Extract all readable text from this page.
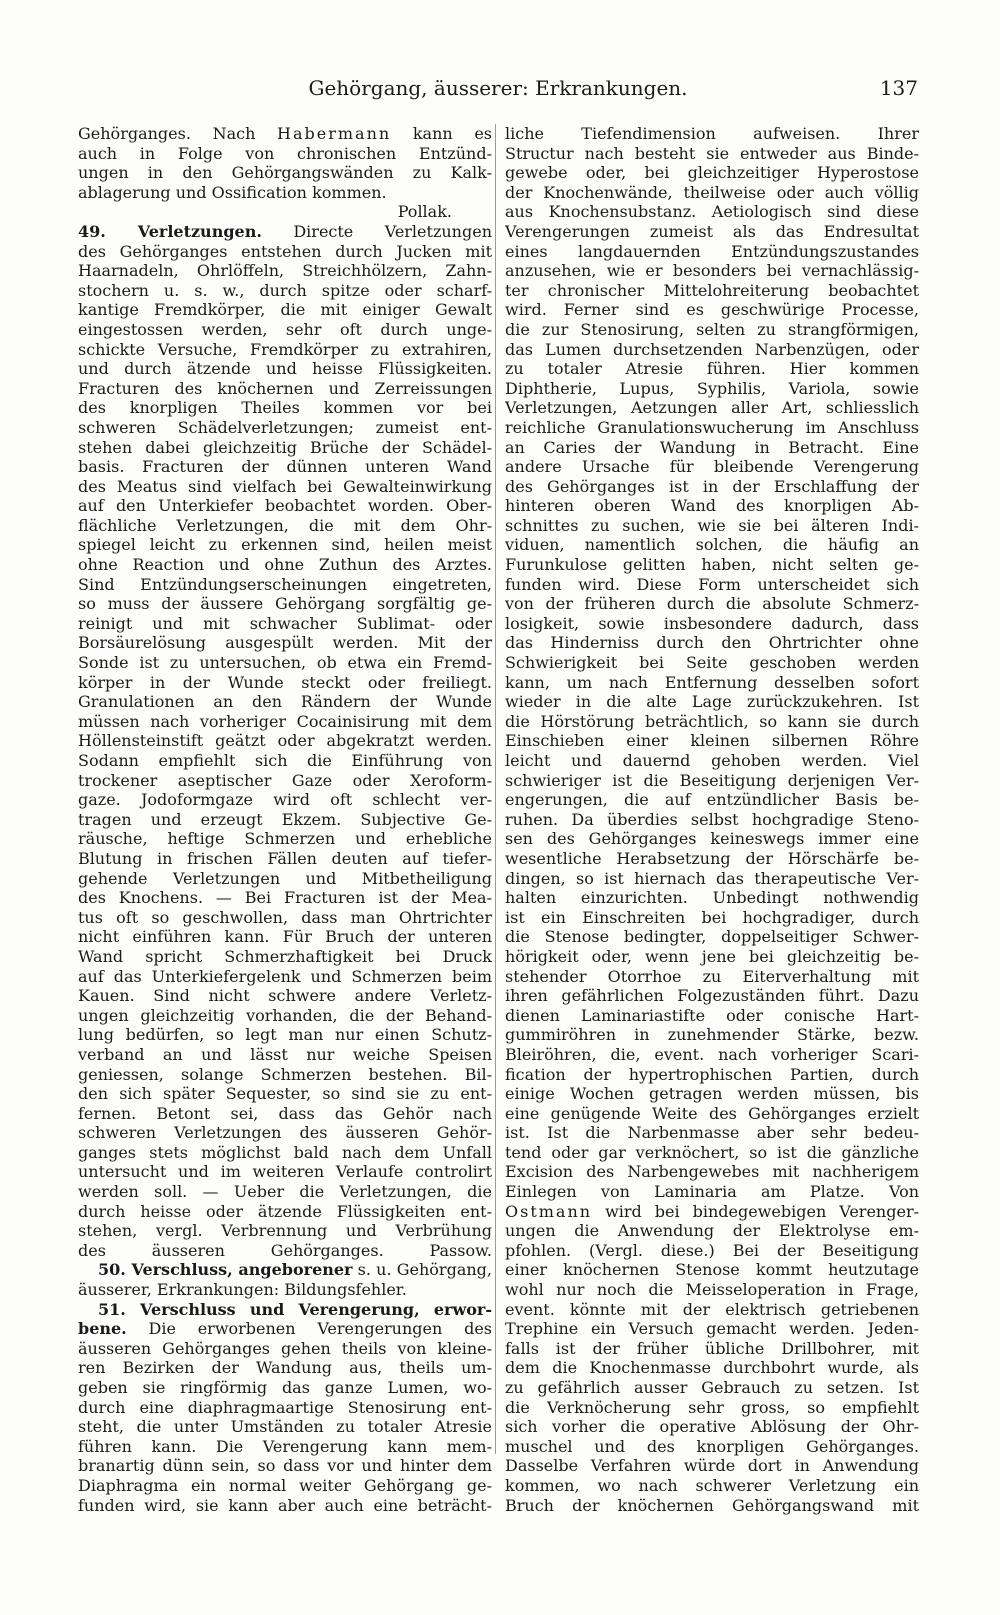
Gehörgang, äusserer: Erkrankungen.	137
Gehörganges. Nach Habermann kann es
auch in Folge von chronischen Entzünd-
ungen in den Gehörgangswänden zu Kalk-
ablagerung und Ossification kommen.
Pollak.
49. Verletzungen. Directe Verletzungen
des Gehörganges entstehen durch Jucken mit
Haarnadeln, Ohrlöffeln, Streichhölzern, Zahn-
stochern u. s. w., durch spitze oder scharf-
kantige Fremdkörper, die mit einiger Gewalt
eingestossen werden, sehr oft durch unge-
schickte Versuche, Fremdkörper zu extrahiren,
und durch ätzende und heisse Flüssigkeiten.
Fracturen des knöchernen und Zerreissungen
des knorpligen Theiles kommen vor bei
schweren Schädelverletzungen; zumeist ent-
stehen dabei gleichzeitig Brüche der Schädel-
basis. Fracturen der dünnen unteren Wand
des Meatus sind vielfach bei Gewalteinwirkung
auf den Unterkiefer beobachtet worden. Ober-
flächliche Verletzungen, die mit dem Ohr-
spiegel leicht zu erkennen sind, heilen meist
ohne Reaction und ohne Zuthun des Arztes.
Sind Entzündungserscheinungen eingetreten,
so muss der äussere Gehörgang sorgfältig ge-
reinigt und mit schwacher Sublimat- oder
Borsäurelösung ausgespült werden. Mit der
Sonde ist zu untersuchen, ob etwa ein Fremd-
körper in der Wunde steckt oder freiliegt.
Granulationen an den Rändern der Wunde
müssen nach vorheriger Cocainisirung mit dem
Höllensteinstift geätzt oder abgekratzt werden.
Sodann empfiehlt sich die Einführung von
trockener aseptischer Gaze oder Xeroform-
gaze. Jodoformgaze wird oft schlecht ver-
tragen und erzeugt Ekzem. Subjective Ge-
räusche, heftige Schmerzen und erhebliche
Blutung in frischen Fällen deuten auf tiefer-
gehende Verletzungen und Mitbetheiligung
des Knochens. — Bei Fracturen ist der Mea-
tus oft so geschwollen, dass man Ohrtrichter
nicht einführen kann. Für Bruch der unteren
Wand spricht Schmerzhaftigkeit bei Druck
auf das Unterkiefergelenk und Schmerzen beim
Kauen. Sind nicht schwere andere Verletz-
ungen gleichzeitig vorhanden, die der Behand-
lung bedürfen, so legt man nur einen Schutz-
verband an und lässt nur weiche Speisen
geniessen, solange Schmerzen bestehen. Bil-
den sich später Sequester, so sind sie zu ent-
fernen. Betont sei, dass das Gehör nach
schweren Verletzungen des äusseren Gehör-
ganges stets möglichst bald nach dem Unfall
untersucht und im weiteren Verlaufe controlirt
werden soll. — Ueber die Verletzungen, die
durch heisse oder ätzende Flüssigkeiten ent-
stehen, vergl. Verbrennung und Verbrühung
des äusseren Gehörganges. Passow.
50. Verschluss, angeborener s. u. Gehörgang,
äusserer, Erkrankungen: Bildungsfehler.
51. Verschluss und Verengerung, erwor-
bene. Die erworbenen Verengerungen des
äusseren Gehörganges gehen theils von kleine-
ren Bezirken der Wandung aus, theils um-
geben sie ringförmig das ganze Lumen, wo-
durch eine diaphragmaartige Stenosirung ent-
steht, die unter Umständen zu totaler Atresie
führen kann. Die Verengerung kann mem-
branartig dünn sein, so dass vor und hinter dem
Diaphragma ein normal weiter Gehörgang ge-
funden wird, sie kann aber auch eine beträcht-
liche Tiefendimension aufweisen. Ihrer
Structur nach besteht sie entweder aus Binde-
gewebe oder, bei gleichzeitiger Hyperostose
der Knochenwände, theilweise oder auch völlig
aus Knochensubstanz. Aetiologisch sind diese
Verengerungen zumeist als das Endresultat
eines langdauernden Entzündungszustandes
anzusehen, wie er besonders bei vernachlässig-
ter chronischer Mittelohreiterung beobachtet
wird. Ferner sind es geschwürige Processe,
die zur Stenosirung, selten zu strangförmigen,
das Lumen durchsetzenden Narbenzügen, oder
zu totaler Atresie führen. Hier kommen
Diphtherie, Lupus, Syphilis, Variola, sowie
Verletzungen, Aetzungen aller Art, schliesslich
reichliche Granulationswucherung im Anschluss
an Caries der Wandung in Betracht. Eine
andere Ursache für bleibende Verengerung
des Gehörganges ist in der Erschlaffung der
hinteren oberen Wand des knorpligen Ab-
schnittes zu suchen, wie sie bei älteren Indi-
viduen, namentlich solchen, die häufig an
Furunkulose gelitten haben, nicht selten ge-
funden wird. Diese Form unterscheidet sich
von der früheren durch die absolute Schmerz-
losigkeit, sowie insbesondere dadurch, dass
das Hinderniss durch den Ohrtrichter ohne
Schwierigkeit bei Seite geschoben werden
kann, um nach Entfernung desselben sofort
wieder in die alte Lage zurückzukehren. Ist
die Hörstörung beträchtlich, so kann sie durch
Einschieben einer kleinen silbernen Röhre
leicht und dauernd gehoben werden. Viel
schwieriger ist die Beseitigung derjenigen Ver-
engerungen, die auf entzündlicher Basis be-
ruhen. Da überdies selbst hochgradige Steno-
sen des Gehörganges keineswegs immer eine
wesentliche Herabsetzung der Hörschärfe be-
dingen, so ist hiernach das therapeutische Ver-
halten einzurichten. Unbedingt nothwendig
ist ein Einschreiten bei hochgradiger, durch
die Stenose bedingter, doppelseitiger Schwer-
hörigkeit oder, wenn jene bei gleichzeitig be-
stehender Otorrhoe zu Eiterverhaltung mit
ihren gefährlichen Folgezuständen führt. Dazu
dienen Laminariastifte oder conische Hart-
gummiröhren in zunehmender Stärke, bezw.
Bleiröhren, die, event. nach vorheriger Scari-
fication der hypertrophischen Partien, durch
einige Wochen getragen werden müssen, bis
eine genügende Weite des Gehörganges erzielt
ist. Ist die Narbenmasse aber sehr bedeu-
tend oder gar verknöchert, so ist die gänzliche
Excision des Narbengewebes mit nachherigem
Einlegen von Laminaria am Platze. Von
Ostmann wird bei bindegewebigen Verenger-
ungen die Anwendung der Elektrolyse em-
pfohlen. (Vergl. diese.) Bei der Beseitigung
einer knöchernen Stenose kommt heutzutage
wohl nur noch die Meisseloperation in Frage,
event. könnte mit der elektrisch getriebenen
Trephine ein Versuch gemacht werden. Jeden-
falls ist der früher übliche Drillbohrer, mit
dem die Knochenmasse durchbohrt wurde, als
zu gefährlich ausser Gebrauch zu setzen. Ist
die Verknöcherung sehr gross, so empfiehlt
sich vorher die operative Ablösung der Ohr-
muschel und des knorpligen Gehörganges.
Dasselbe Verfahren würde dort in Anwendung
kommen, wo nach schwerer Verletzung ein
Bruch der knöchernen Gehörgangswand mit
